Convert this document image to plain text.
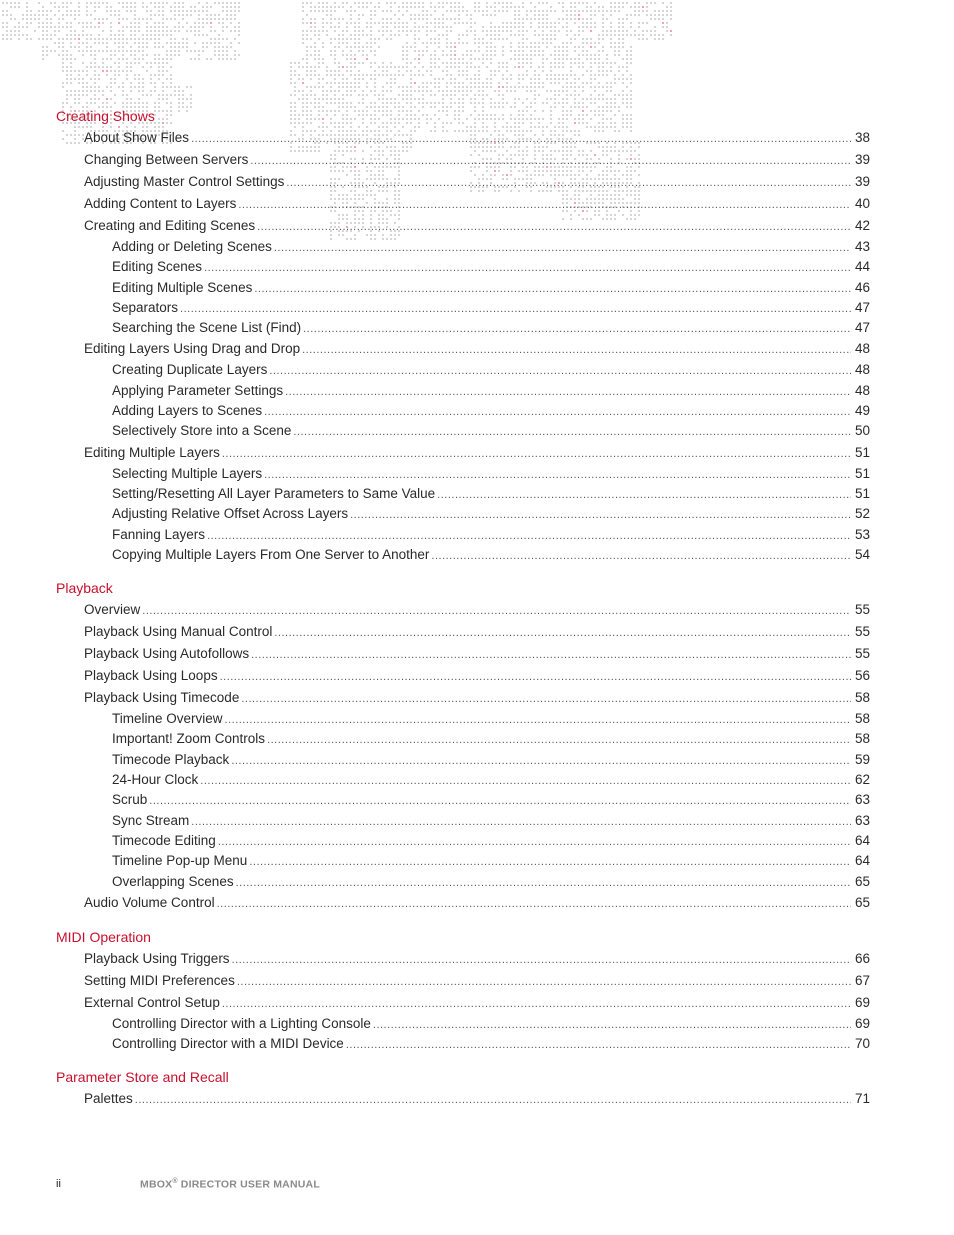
Creating Shows
About Show Files .....	38
Changing Between Servers .....	39
Adjusting Master Control Settings .....	39
Adding Content to Layers .....	40
Creating and Editing Scenes .....	42
Adding or Deleting Scenes .....	43
Editing Scenes .....	44
Editing Multiple Scenes .....	46
Separators .....	47
Searching the Scene List (Find) .....	47
Editing Layers Using Drag and Drop .....	48
Creating Duplicate Layers .....	48
Applying Parameter Settings .....	48
Adding Layers to Scenes .....	49
Selectively Store into a Scene .....	50
Editing Multiple Layers .....	51
Selecting Multiple Layers .....	51
Setting/Resetting All Layer Parameters to Same Value .....	51
Adjusting Relative Offset Across Layers .....	52
Fanning Layers .....	53
Copying Multiple Layers From One Server to Another .....	54
Playback
Overview .....	55
Playback Using Manual Control .....	55
Playback Using Autofollows .....	55
Playback Using Loops .....	56
Playback Using Timecode .....	58
Timeline Overview .....	58
Important! Zoom Controls .....	58
Timecode Playback .....	59
24-Hour Clock .....	62
Scrub .....	63
Sync Stream .....	63
Timecode Editing .....	64
Timeline Pop-up Menu .....	64
Overlapping Scenes .....	65
Audio Volume Control .....	65
MIDI Operation
Playback Using Triggers .....	66
Setting MIDI Preferences .....	67
External Control Setup .....	69
Controlling Director with a Lighting Console .....	69
Controlling Director with a MIDI Device .....	70
Parameter Store and Recall
Palettes .....	71
ii	MBOX® DIRECTOR USER MANUAL
